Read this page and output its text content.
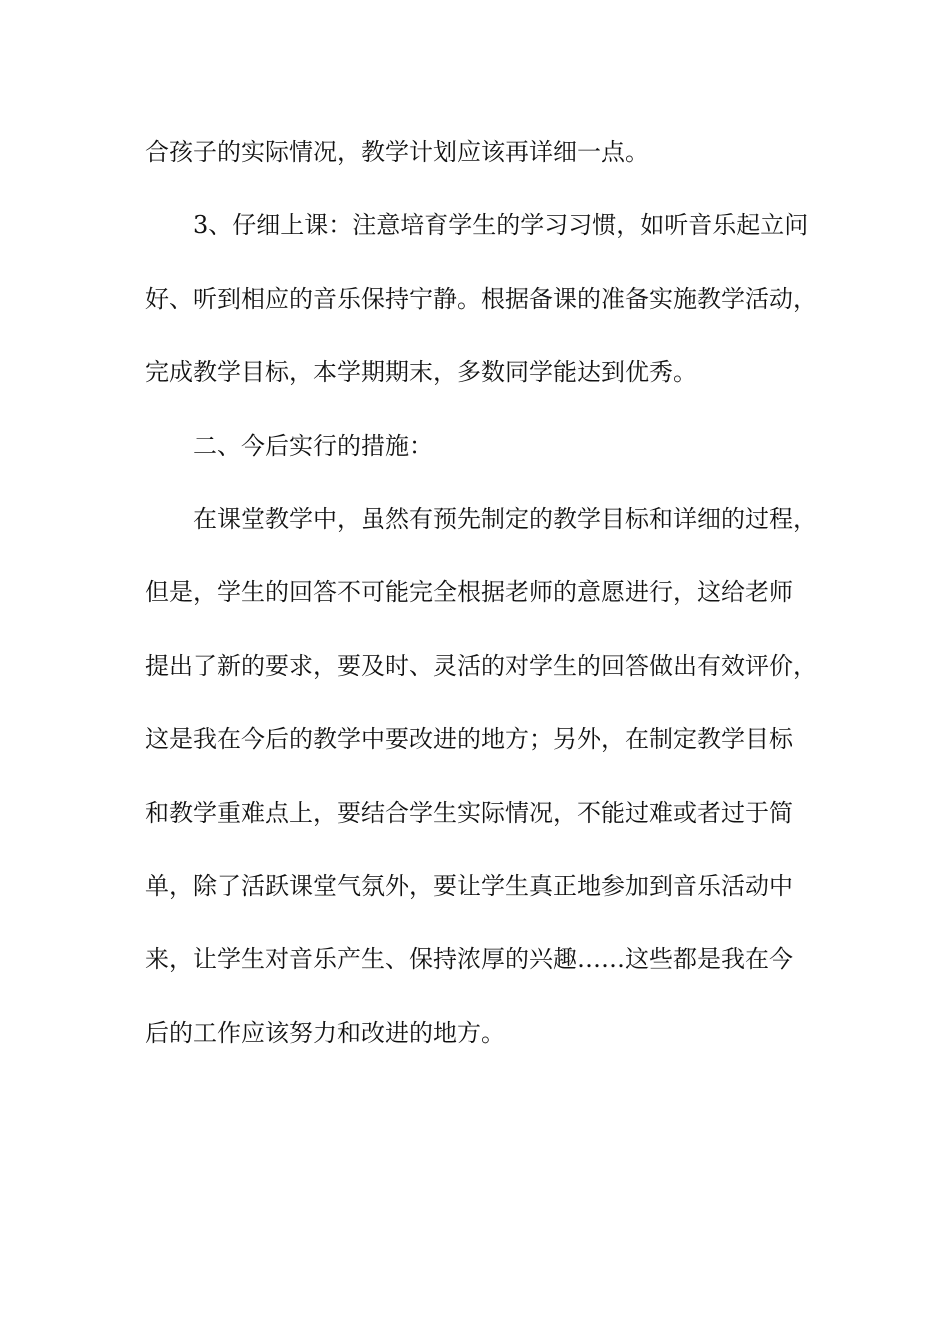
合孩子的实际情况，教学计划应该再详细一点。
3、仔细上课：注意培育学生的学习习惯，如听音乐起立问
好、听到相应的音乐保持宁静。根据备课的准备实施教学活动，
完成教学目标，本学期期末，多数同学能达到优秀。
二、今后实行的措施：
在课堂教学中，虽然有预先制定的教学目标和详细的过程，
但是，学生的回答不可能完全根据老师的意愿进行，这给老师
提出了新的要求，要及时、灵活的对学生的回答做出有效评价，
这是我在今后的教学中要改进的地方；另外，在制定教学目标
和教学重难点上，要结合学生实际情况，不能过难或者过于简
单，除了活跃课堂气氛外，要让学生真正地参加到音乐活动中
来，让学生对音乐产生、保持浓厚的兴趣……这些都是我在今
后的工作应该努力和改进的地方。
